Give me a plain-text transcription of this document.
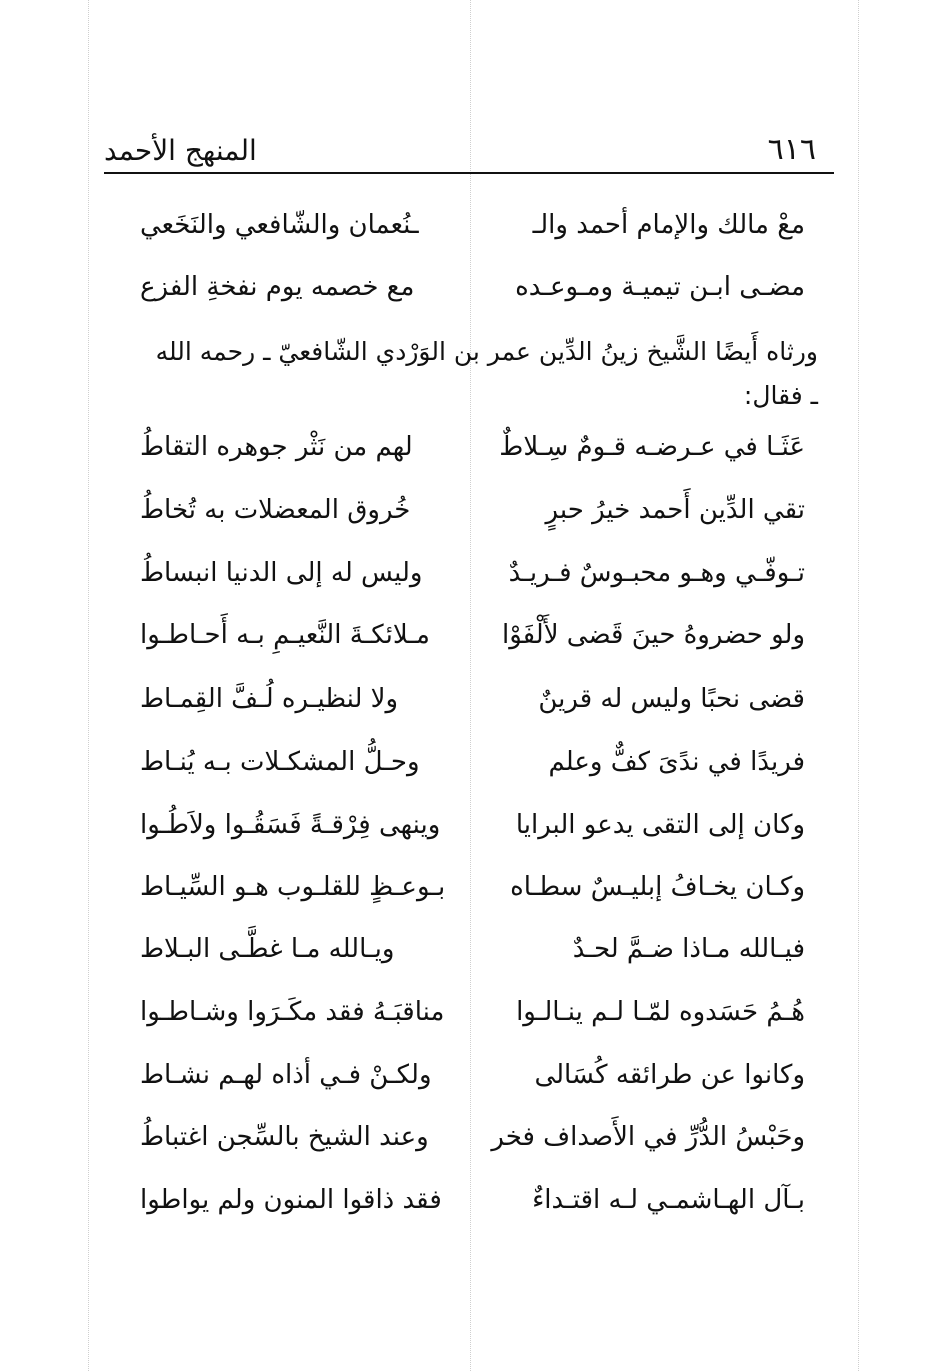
٦١٦
المنهج الأحمد
معْ مالك والإمام أحمد والـ
ـنُعمان والشّافعي والنَخَعي
مضـى ابـن تيميـة ومـوعـده
مع خصمه يوم نفخةِ الفزع

ورثاه أَيضًا الشَّيخ زينُ الدِّين عمر بن الوَرْدي الشّافعيّ ـ رحمه الله
ـ فقال:

عَثَـا في عـرضـه قـومٌ سِـلاطٌ
لهم من نَثْر جوهره التقاطُ
تقي الدِّين أَحمد خيرُ حبرٍ
خُروق المعضلات به تُخاطُ
تـوفّـي وهـو محبـوسٌ فـريـدٌ
وليس له إلى الدنيا انبساطُ
ولو حضروهُ حينَ قَضى لأَلْفَوْا
مـلائكـةَ النَّعيـمِ بـه أَحـاطـوا
قضى نحبًا وليس له قرينٌ
ولا لنظيـره لُـفَّ القِمـاط
فريدًا في ندًىَ كفٌّ وعلم
وحـلُّ المشكـلات بـه يُنـاط
وكان إلى التقى يدعو البرايا
وينهى فِرْقـةً فَسَقُـوا ولاَطُـوا
وكـان يخـافُ إبليـسٌ سطـاه
بـوعـظٍ للقلـوب هـو السِّيـاط
فيـالله مـاذا ضـمَّ لحـدٌ
ويـالله مـا غطَّـى البـلاط
هُـمُ حَسَدوه لمّـا لـم ينـالـوا
مناقبَـهُ فقد مكَـرَوا وشـاطـوا
وكانوا عن طرائقه كُسَالى
ولكـنْ فـي أذاه لهـم نشـاط
وحَبْسُ الدُّرِّ في الأَصداف فخر
وعند الشيخ بالسِّجن اغتباطُ
بـآل الهـاشمـي لـه اقتـداءٌ
فقد ذاقوا المنون ولم يواطوا
